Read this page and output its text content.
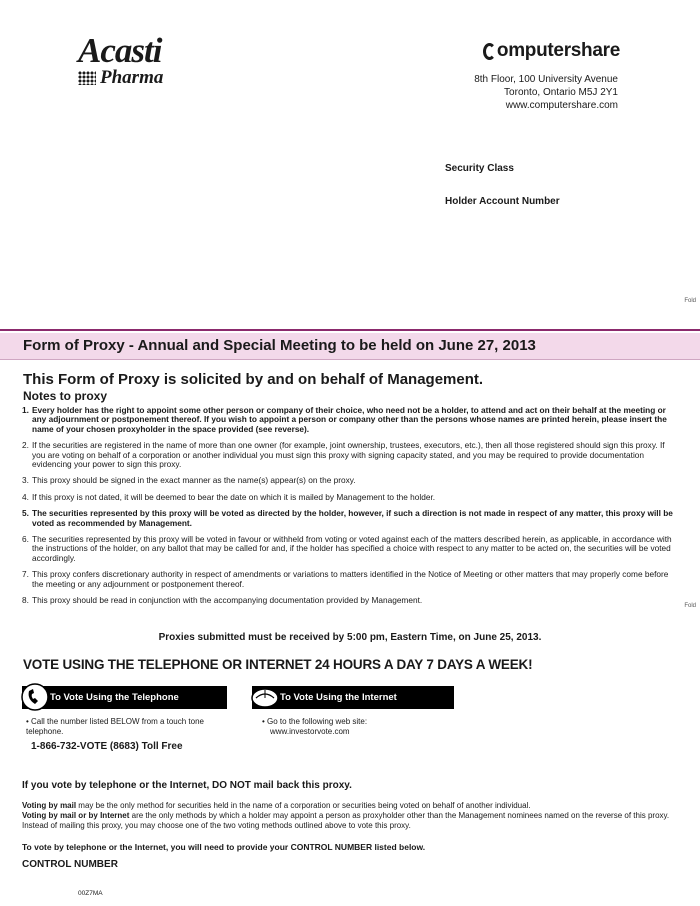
Acasti
Pharma
omputershare
8th Floor, 100 University Avenue
Toronto, Ontario M5J 2Y1
www.computershare.com
Security Class
Holder Account Number
Fold
Fold
Form of Proxy - Annual and Special Meeting to be held on June 27, 2013
This Form of Proxy is solicited by and on behalf of Management.
Notes to proxy
1. Every holder has the right to appoint some other person or company of their choice, who need not be a holder, to attend and act on their behalf at the meeting or any adjournment or postponement thereof. If you wish to appoint a person or company other than the persons whose names are printed herein, please insert the name of your chosen proxyholder in the space provided (see reverse).
2. If the securities are registered in the name of more than one owner (for example, joint ownership, trustees, executors, etc.), then all those registered should sign this proxy. If you are voting on behalf of a corporation or another individual you must sign this proxy with signing capacity stated, and you may be required to provide documentation evidencing your power to sign this proxy.
3. This proxy should be signed in the exact manner as the name(s) appear(s) on the proxy.
4. If this proxy is not dated, it will be deemed to bear the date on which it is mailed by Management to the holder.
5. The securities represented by this proxy will be voted as directed by the holder, however, if such a direction is not made in respect of any matter, this proxy will be voted as recommended by Management.
6. The securities represented by this proxy will be voted in favour or withheld from voting or voted against each of the matters described herein, as applicable, in accordance with the instructions of the holder, on any ballot that may be called for and, if the holder has specified a choice with respect to any matter to be acted on, the securities will be voted accordingly.
7. This proxy confers discretionary authority in respect of amendments or variations to matters identified in the Notice of Meeting or other matters that may properly come before the meeting or any adjournment or postponement thereof.
8. This proxy should be read in conjunction with the accompanying documentation provided by Management.
Proxies submitted must be received by 5:00 pm, Eastern Time, on June 25, 2013.
VOTE USING THE TELEPHONE OR INTERNET 24 HOURS A DAY 7 DAYS A WEEK!
To Vote Using the Telephone	To Vote Using the Internet
• Call the number listed BELOW from a touch tone telephone.
1-866-732-VOTE (8683) Toll Free
• Go to the following web site:
www.investorvote.com
If you vote by telephone or the Internet, DO NOT mail back this proxy.
Voting by mail may be the only method for securities held in the name of a corporation or securities being voted on behalf of another individual.
Voting by mail or by Internet are the only methods by which a holder may appoint a person as proxyholder other than the Management nominees named on the reverse of this proxy. Instead of mailing this proxy, you may choose one of the two voting methods outlined above to vote this proxy.
To vote by telephone or the Internet, you will need to provide your CONTROL NUMBER listed below.
CONTROL NUMBER
00Z7MA
